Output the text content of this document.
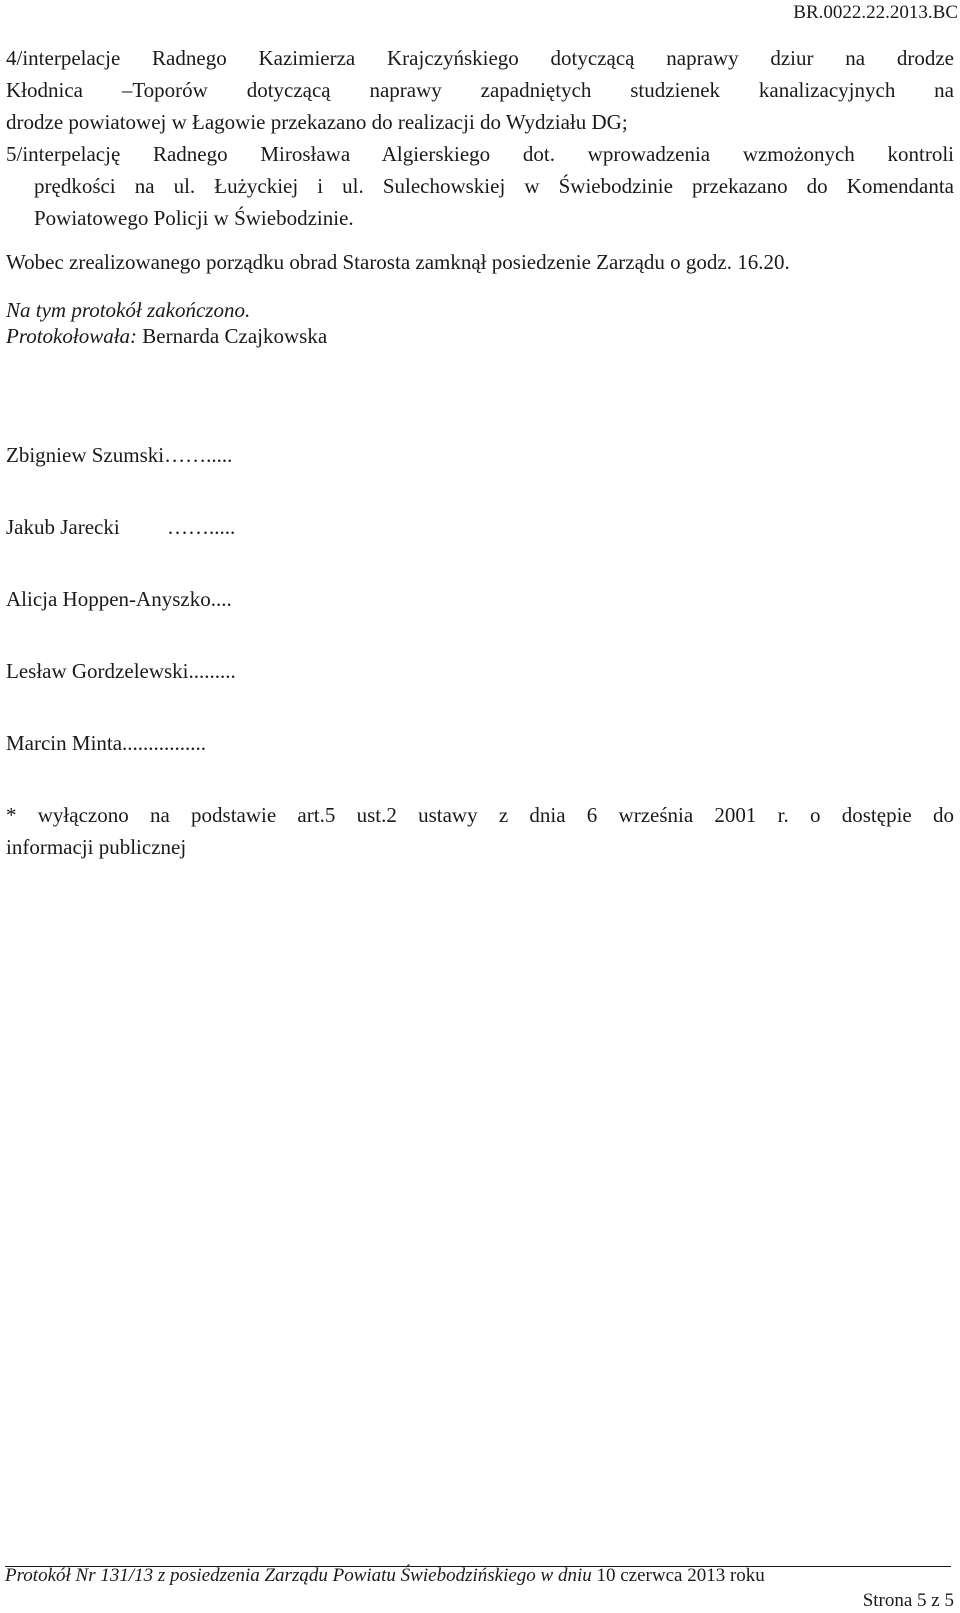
BR.0022.22.2013.BC
4/interpelacje Radnego Kazimierza Krajczyńskiego dotyczącą naprawy dziur na drodze
Kłodnica –Toporów dotyczącą naprawy zapadniętych studzienek kanalizacyjnych na
drodze powiatowej w Łagowie przekazano do realizacji do Wydziału DG;
5/interpelację Radnego Mirosława Algierskiego dot. wprowadzenia wzmożonych kontroli
prędkości na ul. Łużyckiej i ul. Sulechowskiej w Świebodzinie przekazano do Komendanta
Powiatowego Policji w Świebodzinie.
Wobec zrealizowanego porządku obrad Starosta zamknął posiedzenie Zarządu o godz. 16.20.
Na tym protokół zakończono.
Protokołowała: Bernarda Czajkowska
Zbigniew Szumski…….....
Jakub Jarecki         …….....
Alicja Hoppen-Anyszko....
Lesław Gordzelewski.........
Marcin Minta................
* wyłączono na podstawie art.5 ust.2 ustawy z dnia 6 września 2001 r. o dostępie do
informacji publicznej
Protokół Nr 131/13 z posiedzenia Zarządu Powiatu Świebodzińskiego w dniu 10 czerwca 2013 roku
Strona 5 z 5
